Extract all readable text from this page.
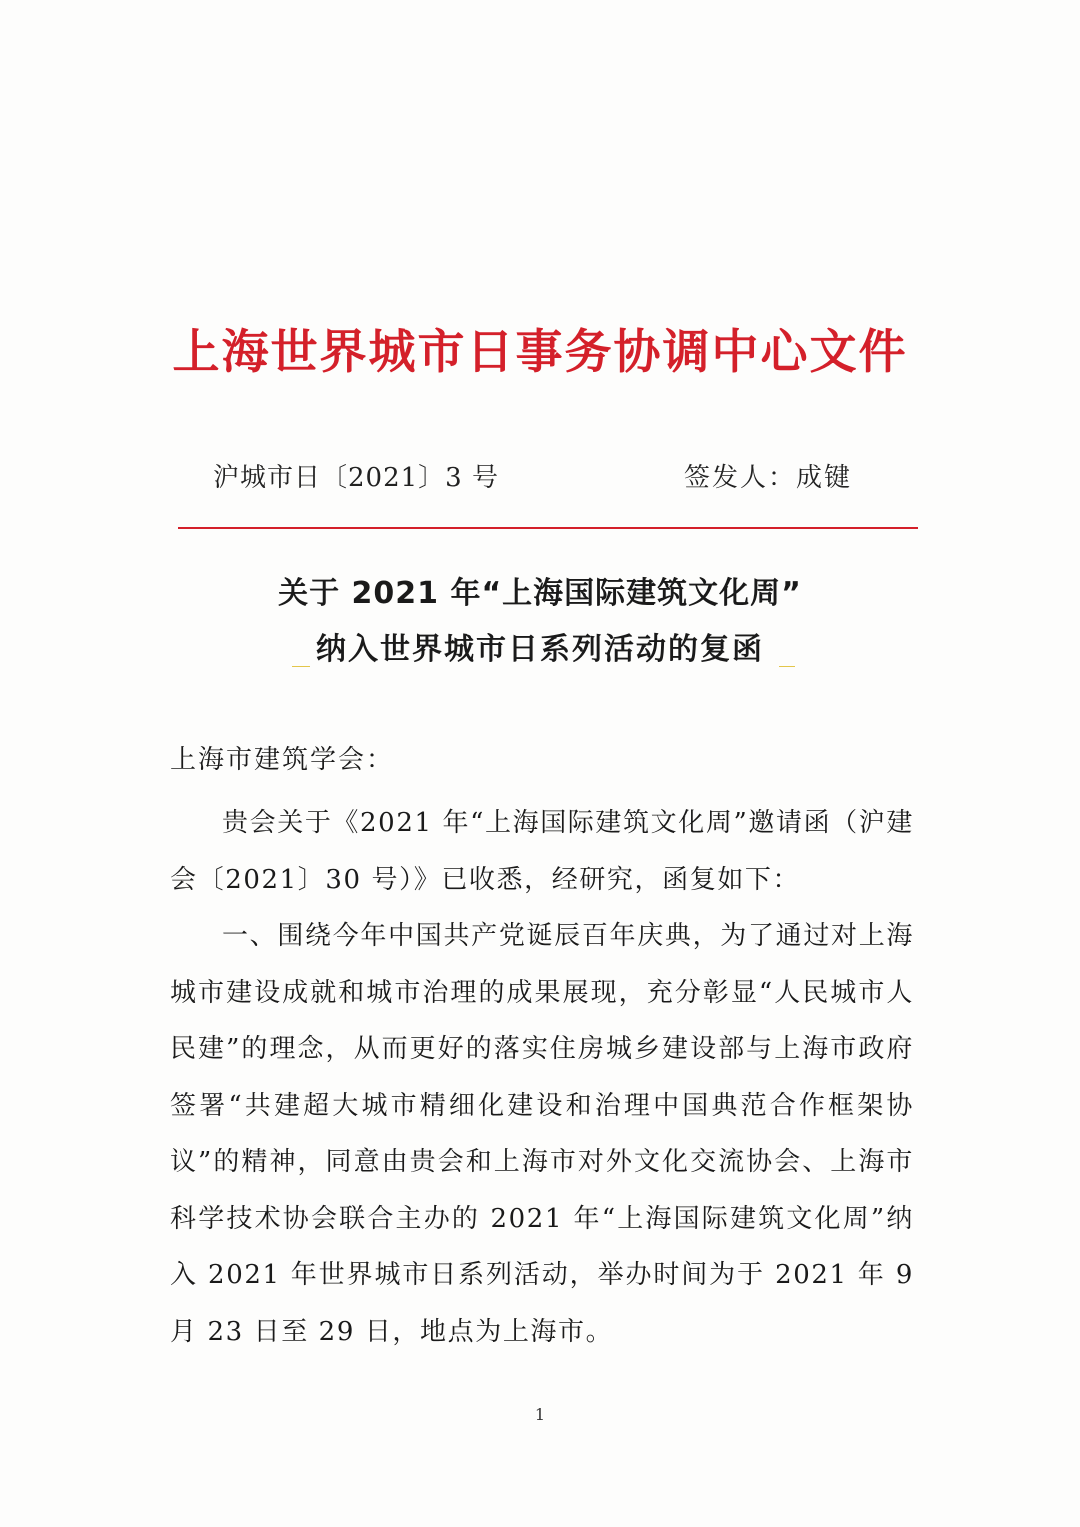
上海世界城市日事务协调中心文件
沪城市日〔2021〕3 号	签发人：成键
关于 2021 年“上海国际建筑文化周”
纳入世界城市日系列活动的复函
上海市建筑学会：

贵会关于《2021 年“上海国际建筑文化周”邀请函（沪建会〔2021〕30 号）》已收悉，经研究，函复如下：

一、围绕今年中国共产党诞辰百年庆典，为了通过对上海城市建设成就和城市治理的成果展现，充分彰显“人民城市人民建”的理念，从而更好的落实住房城乡建设部与上海市政府签署“共建超大城市精细化建设和治理中国典范合作框架协议”的精神，同意由贵会和上海市对外文化交流协会、上海市科学技术协会联合主办的 2021 年“上海国际建筑文化周”纳入 2021 年世界城市日系列活动，举办时间为于 2021 年 9 月 23 日至 29 日，地点为上海市。

1
